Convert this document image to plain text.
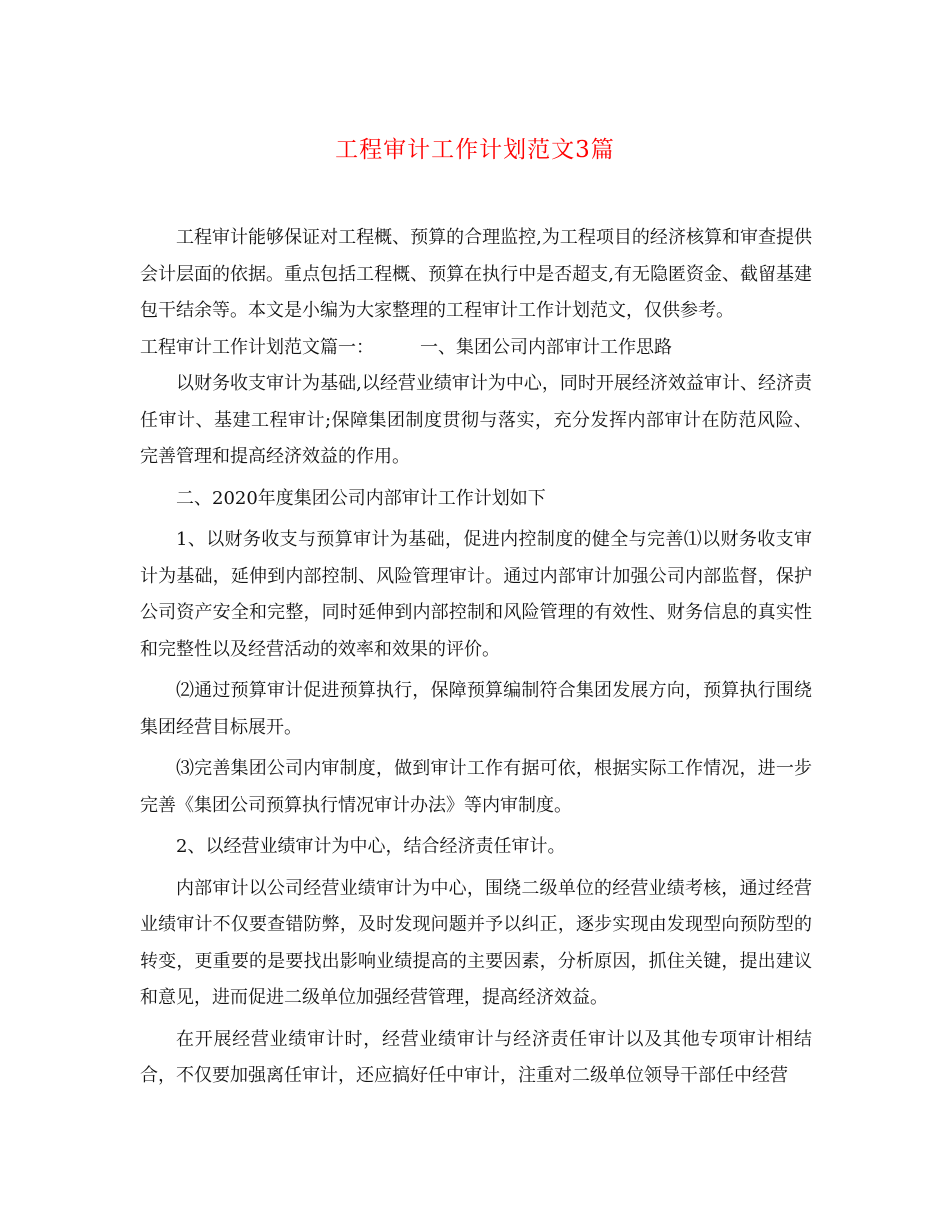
工程审计工作计划范文3篇

工程审计能够保证对工程概、预算的合理监控,为工程项目的经济核算和审查提供会计层面的依据。重点包括工程概、预算在执行中是否超支,有无隐匿资金、截留基建包干结余等。本文是小编为大家整理的工程审计工作计划范文，仅供参考。

工程审计工作计划范文篇一：	一、集团公司内部审计工作思路

以财务收支审计为基础,以经营业绩审计为中心，同时开展经济效益审计、经济责任审计、基建工程审计;保障集团制度贯彻与落实，充分发挥内部审计在防范风险、完善管理和提高经济效益的作用。

二、2020年度集团公司内部审计工作计划如下

1、以财务收支与预算审计为基础，促进内控制度的健全与完善⑴以财务收支审计为基础，延伸到内部控制、风险管理审计。通过内部审计加强公司内部监督，保护公司资产安全和完整，同时延伸到内部控制和风险管理的有效性、财务信息的真实性和完整性以及经营活动的效率和效果的评价。

⑵通过预算审计促进预算执行，保障预算编制符合集团发展方向，预算执行围绕集团经营目标展开。

⑶完善集团公司内审制度，做到审计工作有据可依，根据实际工作情况，进一步完善《集团公司预算执行情况审计办法》等内审制度。

2、以经营业绩审计为中心，结合经济责任审计。

内部审计以公司经营业绩审计为中心，围绕二级单位的经营业绩考核，通过经营业绩审计不仅要查错防弊，及时发现问题并予以纠正，逐步实现由发现型向预防型的转变，更重要的是要找出影响业绩提高的主要因素，分析原因，抓住关键，提出建议和意见，进而促进二级单位加强经营管理，提高经济效益。

在开展经营业绩审计时，经营业绩审计与经济责任审计以及其他专项审计相结合，不仅要加强离任审计，还应搞好任中审计，注重对二级单位领导干部任中经营
